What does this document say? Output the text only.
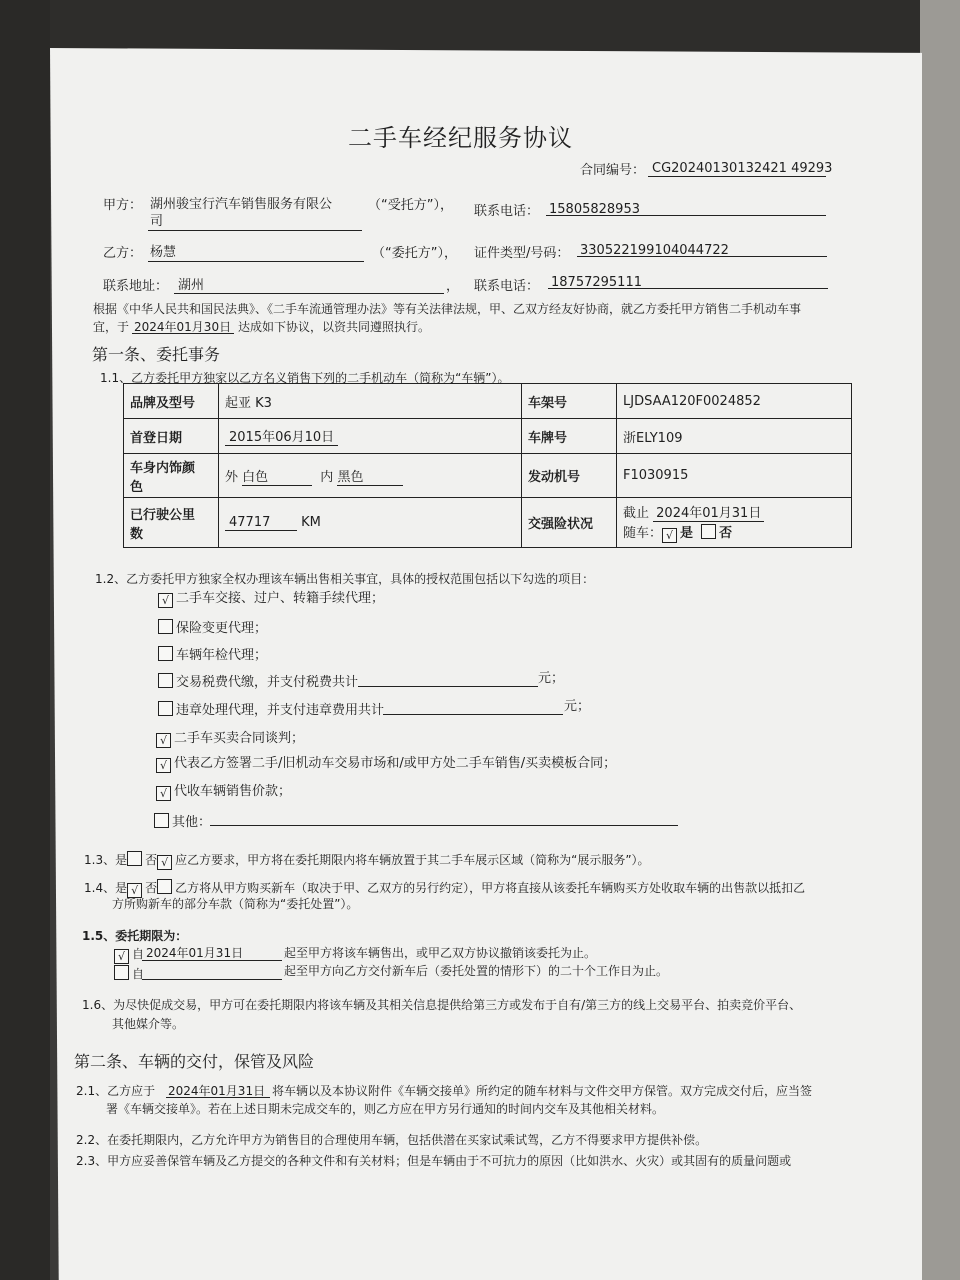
二手车经纪服务协议
合同编号： CG20240130132421 49293
甲方： 湖州骏宝行汽车销售服务有限公
司
（“受托方”）， 联系电话： 15805828953
乙方： 杨慧	（“委托方”）， 证件类型/号码： 330522199104044722
联系地址： 湖州	， 联系电话： 18757295111
根据《中华人民共和国民法典》、《二手车流通管理办法》等有关法律法规，甲、乙双方经友好协商，就乙方委托甲方销售二手机动车事
宜，于 2024年01月30日 达成如下协议，以资共同遵照执行。
第一条、委托事务
1.1、乙方委托甲方独家以乙方名义销售下列的二手机动车（简称为“车辆”）。
品牌及型号	起亚 K3	车架号	LJDSAA120F0024852
首登日期	2015年06月10日	车牌号	浙ELY109
车身内饰颜
色	外 白色 内 黑色	发动机号	F1030915
已行驶公里
数	47717 KM	交强险状况	截止 2024年01月31日
随车： √ 是 否
1.2、乙方委托甲方独家全权办理该车辆出售相关事宜，具体的授权范围包括以下勾选的项目：
√ 二手车交接、过户、转籍手续代理；
保险变更代理；
车辆年检代理；
交易税费代缴，并支付税费共计	元；
违章处理代理，并支付违章费用共计	元；
√ 二手车买卖合同谈判；
√ 代表乙方签署二手/旧机动车交易市场和/或甲方处二手车销售/买卖模板合同；
√ 代收车辆销售价款；
其他：
1.3、是 否 √ 应乙方要求，甲方将在委托期限内将车辆放置于其二手车展示区域（简称为“展示服务”）。
1.4、是 √ 否 乙方将从甲方购买新车（取决于甲、乙双方的另行约定），甲方将直接从该委托车辆购买方处收取车辆的出售款以抵扣乙
方所购新车的部分车款（简称为“委托处置”）。
1.5、委托期限为：
√ 自 2024年01月31日	起至甲方将该车辆售出，或甲乙双方协议撤销该委托为止。
自	起至甲方向乙方交付新车后（委托处置的情形下）的二十个工作日为止。
1.6、为尽快促成交易，甲方可在委托期限内将该车辆及其相关信息提供给第三方或发布于自有/第三方的线上交易平台、拍卖竞价平台、
其他媒介等。
第二条、车辆的交付，保管及风险
2.1、乙方应于 2024年01月31日 将车辆以及本协议附件《车辆交接单》所约定的随车材料与文件交甲方保管。双方完成交付后，应当签
署《车辆交接单》。若在上述日期未完成交车的，则乙方应在甲方另行通知的时间内交车及其他相关材料。
2.2、在委托期限内，乙方允许甲方为销售目的合理使用车辆，包括供潜在买家试乘试驾，乙方不得要求甲方提供补偿。
2.3、甲方应妥善保管车辆及乙方提交的各种文件和有关材料；但是车辆由于不可抗力的原因（比如洪水、火灾）或其固有的质量问题或
